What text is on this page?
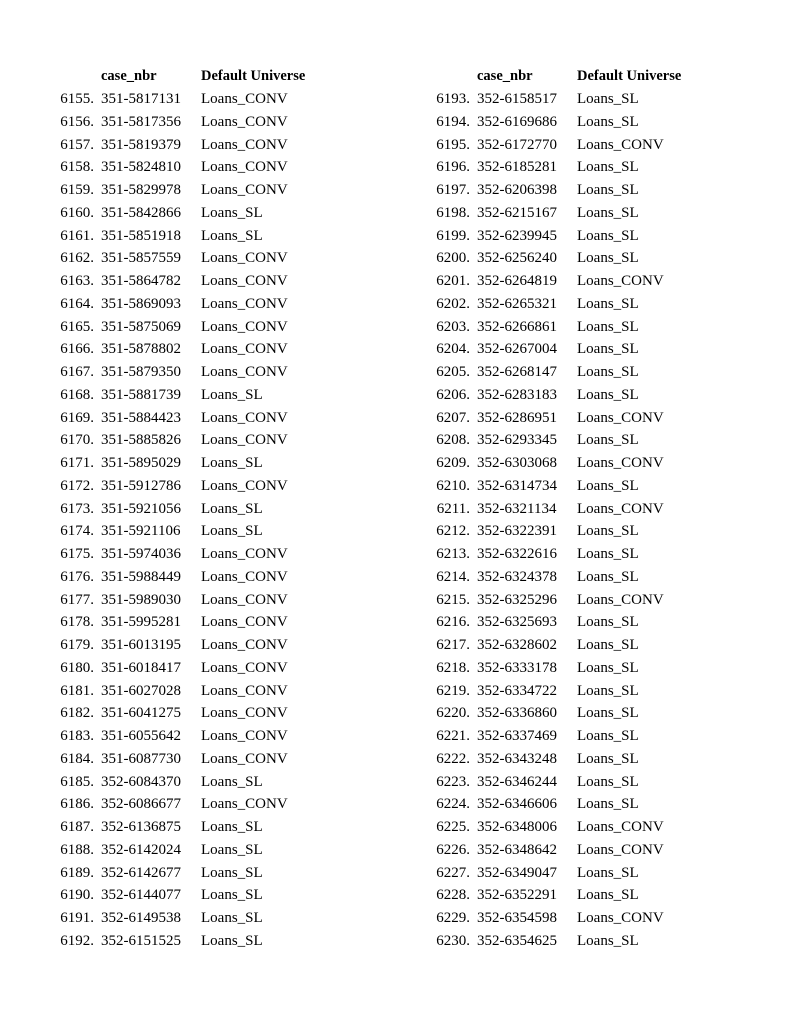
case_nbr	Default Universe
6155. 351-5817131 Loans_CONV
6156. 351-5817356 Loans_CONV
6157. 351-5819379 Loans_CONV
6158. 351-5824810 Loans_CONV
6159. 351-5829978 Loans_CONV
6160. 351-5842866 Loans_SL
6161. 351-5851918 Loans_SL
6162. 351-5857559 Loans_CONV
6163. 351-5864782 Loans_CONV
6164. 351-5869093 Loans_CONV
6165. 351-5875069 Loans_CONV
6166. 351-5878802 Loans_CONV
6167. 351-5879350 Loans_CONV
6168. 351-5881739 Loans_SL
6169. 351-5884423 Loans_CONV
6170. 351-5885826 Loans_CONV
6171. 351-5895029 Loans_SL
6172. 351-5912786 Loans_CONV
6173. 351-5921056 Loans_SL
6174. 351-5921106 Loans_SL
6175. 351-5974036 Loans_CONV
6176. 351-5988449 Loans_CONV
6177. 351-5989030 Loans_CONV
6178. 351-5995281 Loans_CONV
6179. 351-6013195 Loans_CONV
6180. 351-6018417 Loans_CONV
6181. 351-6027028 Loans_CONV
6182. 351-6041275 Loans_CONV
6183. 351-6055642 Loans_CONV
6184. 351-6087730 Loans_CONV
6185. 352-6084370 Loans_SL
6186. 352-6086677 Loans_CONV
6187. 352-6136875 Loans_SL
6188. 352-6142024 Loans_SL
6189. 352-6142677 Loans_SL
6190. 352-6144077 Loans_SL
6191. 352-6149538 Loans_SL
6192. 352-6151525 Loans_SL
case_nbr	Default Universe
6193. 352-6158517 Loans_SL
6194. 352-6169686 Loans_SL
6195. 352-6172770 Loans_CONV
6196. 352-6185281 Loans_SL
6197. 352-6206398 Loans_SL
6198. 352-6215167 Loans_SL
6199. 352-6239945 Loans_SL
6200. 352-6256240 Loans_SL
6201. 352-6264819 Loans_CONV
6202. 352-6265321 Loans_SL
6203. 352-6266861 Loans_SL
6204. 352-6267004 Loans_SL
6205. 352-6268147 Loans_SL
6206. 352-6283183 Loans_SL
6207. 352-6286951 Loans_CONV
6208. 352-6293345 Loans_SL
6209. 352-6303068 Loans_CONV
6210. 352-6314734 Loans_SL
6211. 352-6321134 Loans_CONV
6212. 352-6322391 Loans_SL
6213. 352-6322616 Loans_SL
6214. 352-6324378 Loans_SL
6215. 352-6325296 Loans_CONV
6216. 352-6325693 Loans_SL
6217. 352-6328602 Loans_SL
6218. 352-6333178 Loans_SL
6219. 352-6334722 Loans_SL
6220. 352-6336860 Loans_SL
6221. 352-6337469 Loans_SL
6222. 352-6343248 Loans_SL
6223. 352-6346244 Loans_SL
6224. 352-6346606 Loans_SL
6225. 352-6348006 Loans_CONV
6226. 352-6348642 Loans_CONV
6227. 352-6349047 Loans_SL
6228. 352-6352291 Loans_SL
6229. 352-6354598 Loans_CONV
6230. 352-6354625 Loans_SL
